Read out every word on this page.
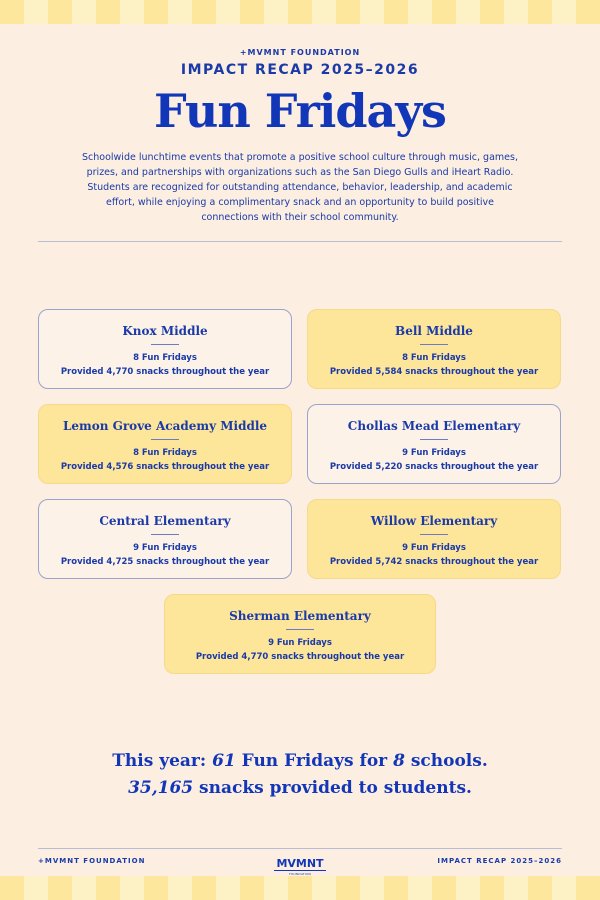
+MVMNT FOUNDATION
IMPACT RECAP 2025–2026
Fun Fridays
Schoolwide lunchtime events that promote a positive school culture through music, games, prizes, and partnerships with organizations such as the San Diego Gulls and iHeart Radio. Students are recognized for outstanding attendance, behavior, leadership, and academic effort, while enjoying a complimentary snack and an opportunity to build positive connections with their school community.
Knox Middle
8 Fun Fridays
Provided 4,770 snacks throughout the year
Bell Middle
8 Fun Fridays
Provided 5,584 snacks throughout the year
Lemon Grove Academy Middle
8 Fun Fridays
Provided 4,576 snacks throughout the year
Chollas Mead Elementary
9 Fun Fridays
Provided 5,220 snacks throughout the year
Central Elementary
9 Fun Fridays
Provided 4,725 snacks throughout the year
Willow Elementary
9 Fun Fridays
Provided 5,742 snacks throughout the year
Sherman Elementary
9 Fun Fridays
Provided 4,770 snacks throughout the year
This year: 61 Fun Fridays for 8 schools.
35,165 snacks provided to students.
+MVMNT FOUNDATION	MVMNT
FOUNDATION
IMPACT RECAP 2025–2026
